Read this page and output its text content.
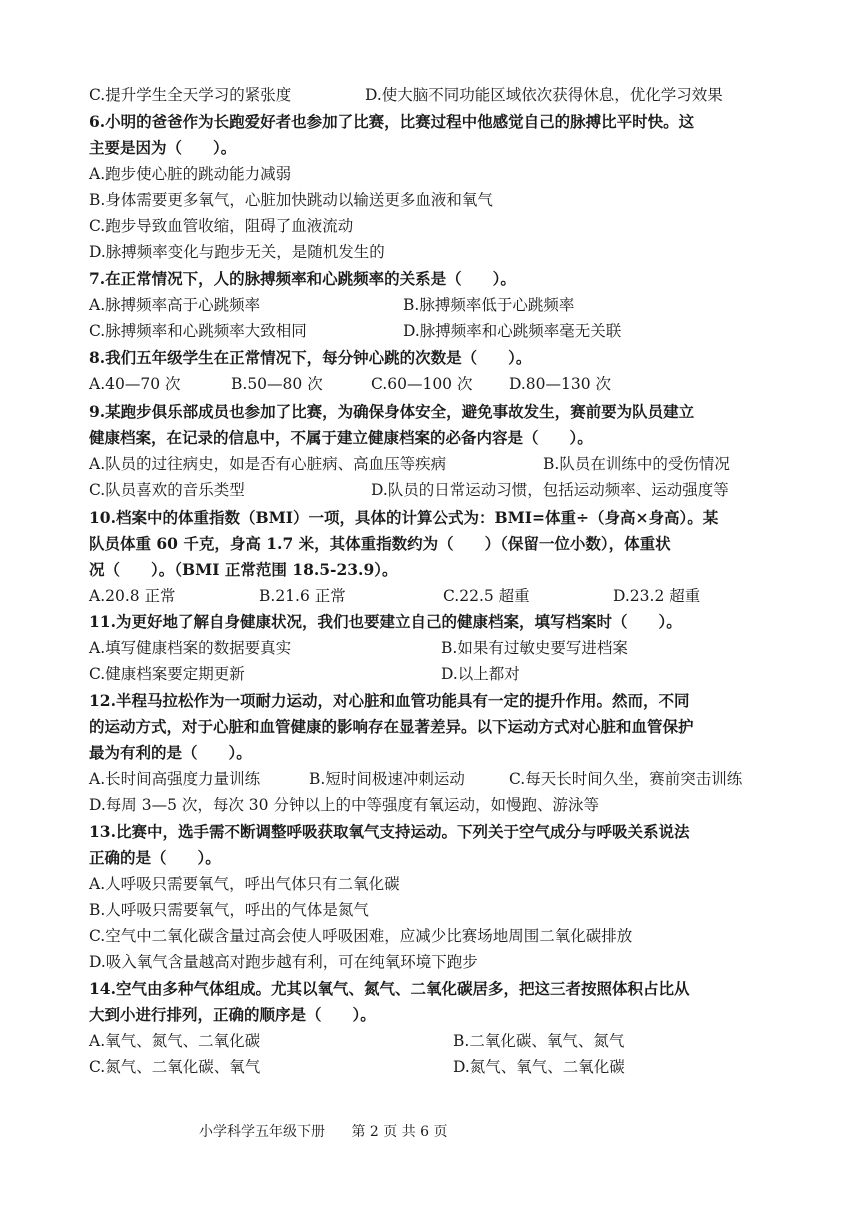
C.提升学生全天学习的紧张度	D.使大脑不同功能区域依次获得休息，优化学习效果
6.小明的爸爸作为长跑爱好者也参加了比赛，比赛过程中他感觉自己的脉搏比平时快。这
主要是因为（　　）。
A.跑步使心脏的跳动能力减弱
B.身体需要更多氧气，心脏加快跳动以输送更多血液和氧气
C.跑步导致血管收缩，阻碍了血液流动
D.脉搏频率变化与跑步无关，是随机发生的
7.在正常情况下，人的脉搏频率和心跳频率的关系是（　　）。
A.脉搏频率高于心跳频率	B.脉搏频率低于心跳频率
C.脉搏频率和心跳频率大致相同	D.脉搏频率和心跳频率毫无关联
8.我们五年级学生在正常情况下，每分钟心跳的次数是（　　）。
A.40—70 次	B.50—80 次	C.60—100 次 D.80—130 次
9.某跑步俱乐部成员也参加了比赛，为确保身体安全，避免事故发生，赛前要为队员建立
健康档案，在记录的信息中，不属于建立健康档案的必备内容是（　　）。
A.队员的过往病史，如是否有心脏病、高血压等疾病	B.队员在训练中的受伤情况
C.队员喜欢的音乐类型	D.队员的日常运动习惯，包括运动频率、运动强度等
10.档案中的体重指数（BMI）一项，具体的计算公式为：BMI=体重÷（身高×身高）。某
队员体重 60 千克，身高 1.7 米，其体重指数约为（　　）（保留一位小数），体重状
况（　　）。（BMI 正常范围 18.5-23.9）。
A.20.8 正常	B.21.6 正常	C.22.5 超重	D.23.2 超重
11.为更好地了解自身健康状况，我们也要建立自己的健康档案，填写档案时（　　）。
A.填写健康档案的数据要真实	B.如果有过敏史要写进档案
C.健康档案要定期更新	D.以上都对
12.半程马拉松作为一项耐力运动，对心脏和血管功能具有一定的提升作用。然而，不同
的运动方式，对于心脏和血管健康的影响存在显著差异。以下运动方式对心脏和血管保护
最为有利的是（　　）。
A.长时间高强度力量训练	B.短时间极速冲刺运动	C.每天长时间久坐，赛前突击训练
D.每周 3—5 次，每次 30 分钟以上的中等强度有氧运动，如慢跑、游泳等
13.比赛中，选手需不断调整呼吸获取氧气支持运动。下列关于空气成分与呼吸关系说法
正确的是（　　）。
A.人呼吸只需要氧气，呼出气体只有二氧化碳
B.人呼吸只需要氧气，呼出的气体是氮气
C.空气中二氧化碳含量过高会使人呼吸困难，应减少比赛场地周围二氧化碳排放
D.吸入氧气含量越高对跑步越有利，可在纯氧环境下跑步
14.空气由多种气体组成。尤其以氧气、氮气、二氧化碳居多，把这三者按照体积占比从
大到小进行排列，正确的顺序是（　　）。
A.氧气、氮气、二氧化碳	B.二氧化碳、氧气、氮气
C.氮气、二氧化碳、氧气	D.氮气、氧气、二氧化碳
小学科学五年级下册 第 2 页 共 6 页
